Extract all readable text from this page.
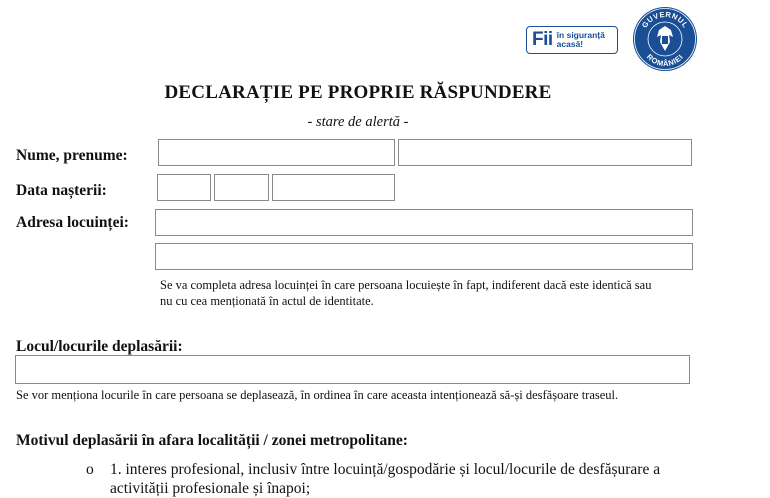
Fii în siguranță
acasă!
GUVERNUL
ROMÂNIEI
DECLARAȚIE PE PROPRIE RĂSPUNDERE
- stare de alertă -
Nume, prenume:
Data nașterii:
Adresa locuinței:
Se va completa adresa locuinței în care persoana locuiește în fapt, indiferent dacă este identică sau
nu cu cea menționată în actul de identitate.
Locul/locurile deplasării:
Se vor menționa locurile în care persoana se deplasează, în ordinea în care aceasta intenționează să-și desfășoare traseul.
Motivul deplasării în afara localității / zonei metropolitane:
o 1. interes profesional, inclusiv între locuință/gospodărie și locul/locurile de desfășurare a
activității profesionale și înapoi;
